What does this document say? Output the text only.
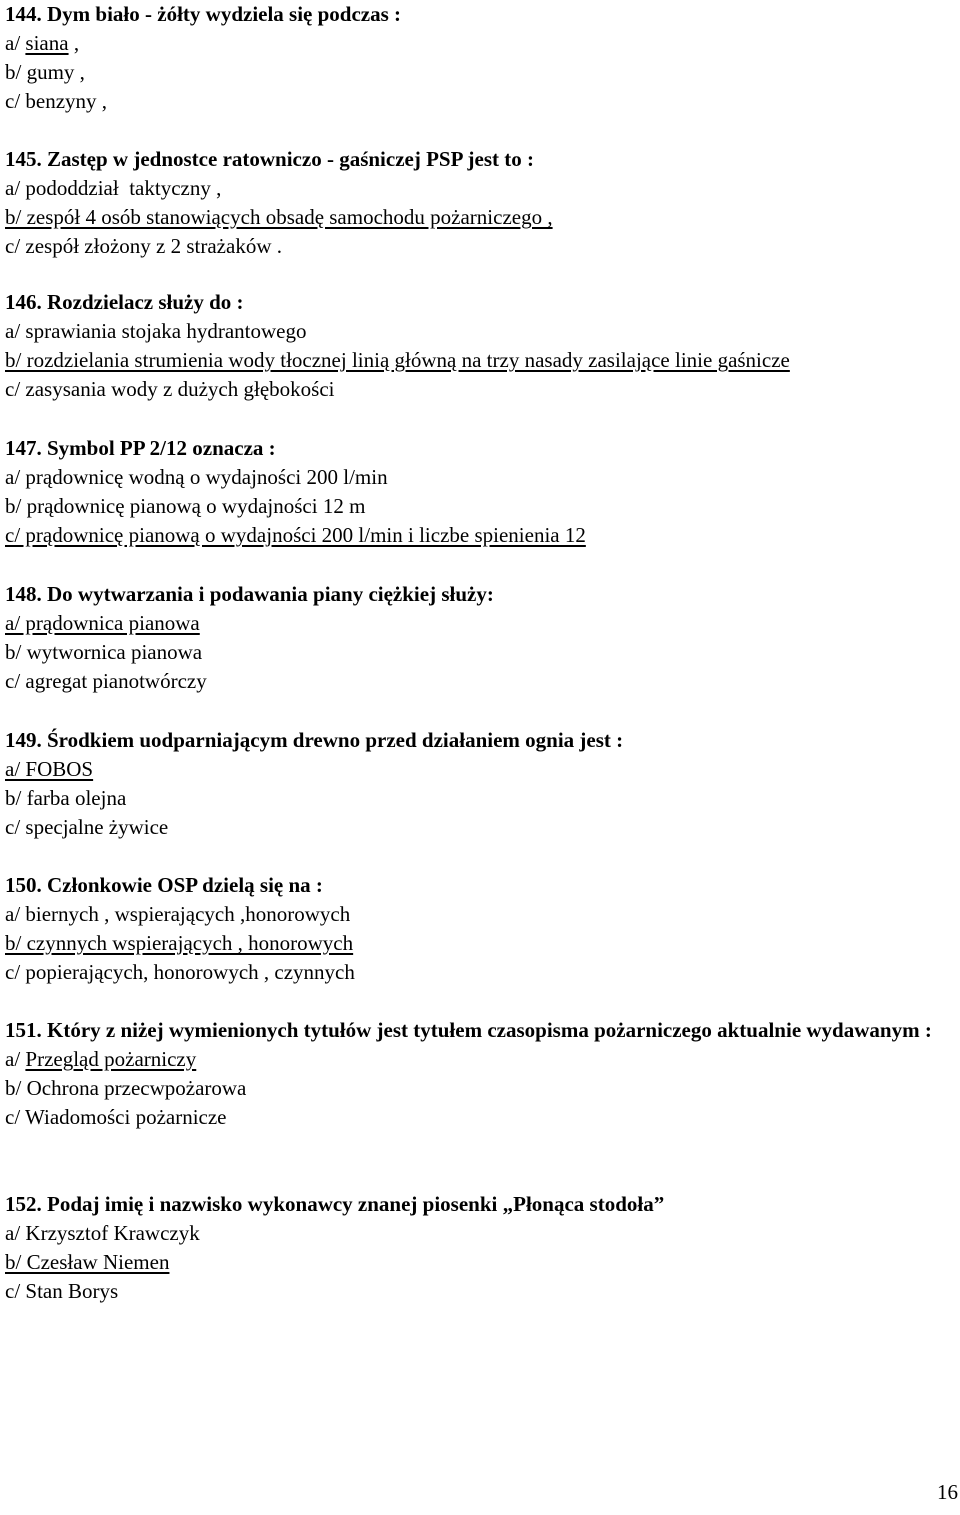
144. Dym biało - żółty wydziela się podczas :

a/ siana ,

b/ gumy ,

c/ benzyny ,

145. Zastęp w jednostce ratowniczo - gaśniczej PSP jest to :

a/ pododdział  taktyczny ,

b/ zespół 4 osób stanowiących obsadę samochodu pożarniczego ,

c/ zespół złożony z 2 strażaków .

146. Rozdzielacz służy do :

a/ sprawiania stojaka hydrantowego

b/ rozdzielania strumienia wody tłocznej linią główną na trzy nasady zasilające linie gaśnicze

c/ zasysania wody z dużych głębokości

147. Symbol PP 2/12 oznacza :

a/ prądownicę wodną o wydajności 200 l/min

b/ prądownicę pianową o wydajności 12 m

c/ prądownicę pianową o wydajności 200 l/min i liczbe spienienia 12

148. Do wytwarzania i podawania piany ciężkiej służy:

a/ prądownica pianowa

b/ wytwornica pianowa

c/ agregat pianotwórczy

149. Środkiem uodparniającym drewno przed działaniem ognia jest :

a/ FOBOS

b/ farba olejna

c/ specjalne żywice

150. Członkowie OSP dzielą się na :

a/ biernych , wspierających ,honorowych

b/ czynnych wspierających , honorowych

c/ popierających, honorowych , czynnych

151. Który z niżej wymienionych tytułów jest tytułem czasopisma pożarniczego aktualnie wydawanym :

a/ Przegląd pożarniczy

b/ Ochrona przecwpożarowa

c/ Wiadomości pożarnicze

152. Podaj imię i nazwisko wykonawcy znanej piosenki „Płonąca stodoła”

a/ Krzysztof Krawczyk

b/ Czesław Niemen

c/ Stan Borys

16
